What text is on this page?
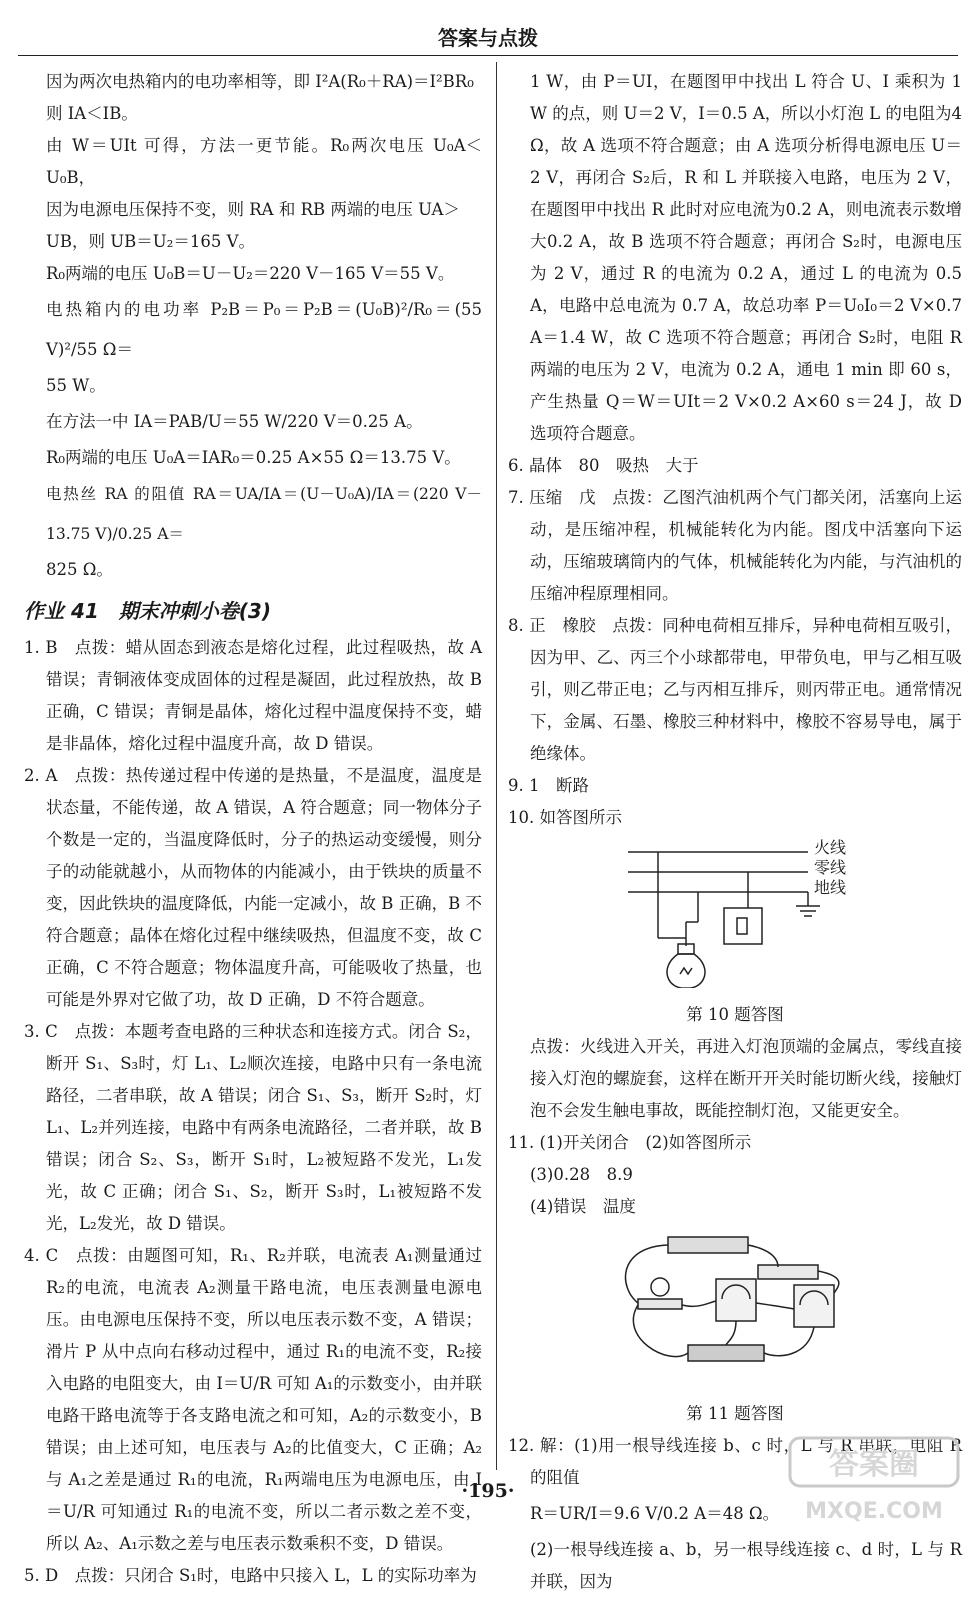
答案与点拨

因为两次电热箱内的电功率相等，即 I²A(R₀＋RA)＝I²BR₀

则 IA＜IB。

由 W＝UIt 可得，方法一更节能。R₀两次电压 U₀A＜U₀B，

因为电源电压保持不变，则 RA 和 RB 两端的电压 UA＞

UB，则 UB＝U₂＝165 V。

R₀两端的电压 U₀B＝U－U₂＝220 V－165 V＝55 V。

电热箱内的电功率 P₂B＝P₀＝P₂B＝(U₀B)²/R₀＝(55 V)²/55 Ω＝

55 W。

在方法一中 IA＝PAB/U＝55 W/220 V＝0.25 A。

R₀两端的电压 U₀A＝IAR₀＝0.25 A×55 Ω＝13.75 V。

电热丝 RA 的阻值 RA＝UA/IA＝(U－U₀A)/IA＝(220 V－13.75 V)/0.25 A＝

825 Ω。

作业 41　期末冲刺小卷(3)

1. B　点拨：蜡从固态到液态是熔化过程，此过程吸热，故 A 错误；青铜液体变成固体的过程是凝固，此过程放热，故 B 正确，C 错误；青铜是晶体，熔化过程中温度保持不变，蜡是非晶体，熔化过程中温度升高，故 D 错误。

2. A　点拨：热传递过程中传递的是热量，不是温度，温度是状态量，不能传递，故 A 错误，A 符合题意；同一物体分子个数是一定的，当温度降低时，分子的热运动变缓慢，则分子的动能就越小，从而物体的内能减小，由于铁块的质量不变，因此铁块的温度降低，内能一定减小，故 B 正确，B 不符合题意；晶体在熔化过程中继续吸热，但温度不变，故 C 正确，C 不符合题意；物体温度升高，可能吸收了热量，也可能是外界对它做了功，故 D 正确，D 不符合题意。

3. C　点拨：本题考查电路的三种状态和连接方式。闭合 S₂，断开 S₁、S₃时，灯 L₁、L₂顺次连接，电路中只有一条电流路径，二者串联，故 A 错误；闭合 S₁、S₃，断开 S₂时，灯 L₁、L₂并列连接，电路中有两条电流路径，二者并联，故 B 错误；闭合 S₂、S₃，断开 S₁时，L₂被短路不发光，L₁发光，故 C 正确；闭合 S₁、S₂，断开 S₃时，L₁被短路不发光，L₂发光，故 D 错误。

4. C　点拨：由题图可知，R₁、R₂并联，电流表 A₁测量通过 R₂的电流，电流表 A₂测量干路电流，电压表测量电源电压。由电源电压保持不变，所以电压表示数不变，A 错误；滑片 P 从中点向右移动过程中，通过 R₁的电流不变，R₂接入电路的电阻变大，由 I＝U/R 可知 A₁的示数变小，由并联电路干路电流等于各支路电流之和可知，A₂的示数变小，B 错误；由上述可知，电压表与 A₂的比值变大，C 正确；A₂与 A₁之差是通过 R₁的电流，R₁两端电压为电源电压，由 I＝U/R 可知通过 R₁的电流不变，所以二者示数之差不变，所以 A₂、A₁示数之差与电压表示数乘积不变，D 错误。

5. D　点拨：只闭合 S₁时，电路中只接入 L，L 的实际功率为

1 W，由 P＝UI，在题图甲中找出 L 符合 U、I 乘积为 1 W 的点，则 U＝2 V，I＝0.5 A，所以小灯泡 L 的电阻为4 Ω，故 A 选项不符合题意；由 A 选项分析得电源电压 U＝2 V，再闭合 S₂后，R 和 L 并联接入电路，电压为 2 V，在题图甲中找出 R 此时对应电流为0.2 A，则电流表示数增大0.2 A，故 B 选项不符合题意；再闭合 S₂时，电源电压为 2 V，通过 R 的电流为 0.2 A，通过 L 的电流为 0.5 A，电路中总电流为 0.7 A，故总功率 P＝U₀I₀＝2 V×0.7 A＝1.4 W，故 C 选项不符合题意；再闭合 S₂时，电阻 R 两端的电压为 2 V，电流为 0.2 A，通电 1 min 即 60 s，产生热量 Q＝W＝UIt＝2 V×0.2 A×60 s＝24 J，故 D 选项符合题意。

6. 晶体　80　吸热　大于

7. 压缩　戊　点拨：乙图汽油机两个气门都关闭，活塞向上运动，是压缩冲程，机械能转化为内能。图戊中活塞向下运动，压缩玻璃筒内的气体，机械能转化为内能，与汽油机的压缩冲程原理相同。

8. 正　橡胶　点拨：同种电荷相互排斥，异种电荷相互吸引，因为甲、乙、丙三个小球都带电，甲带负电，甲与乙相互吸引，则乙带正电；乙与丙相互排斥，则丙带正电。通常情况下，金属、石墨、橡胶三种材料中，橡胶不容易导电，属于绝缘体。

9. 1　断路

10. 如答图所示

火线
零线
地线
第 10 题答图

点拨：火线进入开关，再进入灯泡顶端的金属点，零线直接接入灯泡的螺旋套，这样在断开开关时能切断火线，接触灯泡不会发生触电事故，既能控制灯泡，又能更安全。

11. (1)开关闭合　(2)如答图所示

(3)0.28　8.9

(4)错误　温度

第 11 题答图

12. 解：(1)用一根导线连接 b、c 时，L 与 R 串联，电阻 R 的阻值

R＝UR/I＝9.6 V/0.2 A＝48 Ω。

(2)一根导线连接 a、b，另一根导线连接 c、d 时，L 与 R 并联，因为

·195·
答案圈
MXQE.COM
